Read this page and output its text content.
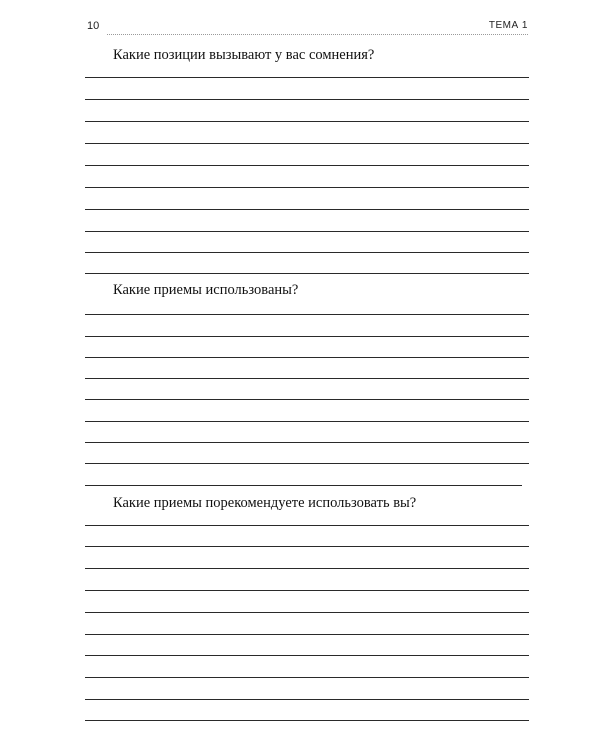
10	ТЕМА 1
Какие позиции вызывают у вас сомнения?
Какие приемы использованы?
Какие приемы порекомендуете использовать вы?
